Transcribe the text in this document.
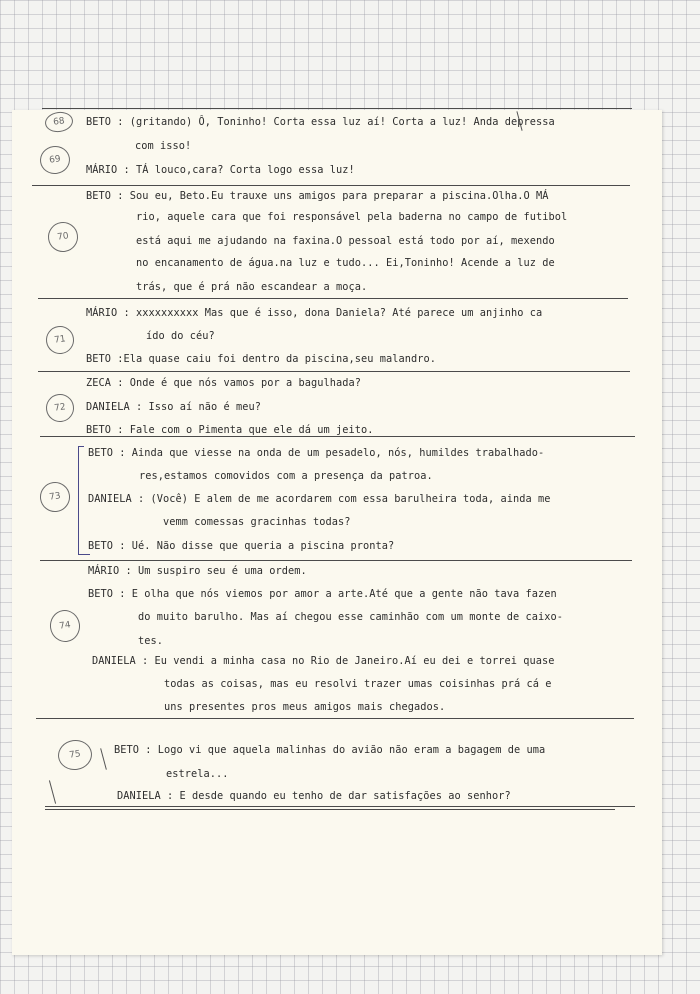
68
69
70
71
72
73
74
75
BETO : (gritando) Ô, Toninho! Corta essa luz aí! Corta a luz! Anda depressa
com isso!
MÁRIO : TÁ louco,cara? Corta logo essa luz!
BETO : Sou eu, Beto.Eu trauxe uns amigos para preparar a piscina.Olha.O MÁ
rio, aquele cara que foi responsável pela baderna no campo de futibol
está aqui me ajudando na faxina.O pessoal está todo por aí, mexendo
no encanamento de água.na luz e tudo... Ei,Toninho! Acende a luz de
trás, que é prá não escandear a moça.
MÁRIO : xxxxxxxxxx Mas que é isso, dona Daniela? Até parece um anjinho ca
ído do céu?
BETO :Ela quase caiu foi dentro da piscina,seu malandro.
ZECA : Onde é que nós vamos por a bagulhada?
DANIELA : Isso aí não é meu?
BETO : Fale com o Pimenta que ele dá um jeito.
BETO : Ainda que viesse na onda de um pesadelo, nós, humildes trabalhado-
res,estamos comovidos com a presença da patroa.
DANIELA : (Você) E alem de me acordarem com essa barulheira toda, ainda me
vemm comessas gracinhas todas?
BETO : Ué. Não disse que queria a piscina pronta?
MÁRIO : Um suspiro seu é uma ordem.
BETO : E olha que nós viemos por amor a arte.Até que a gente não tava fazen
do muito barulho. Mas aí chegou esse caminhão com um monte de caixo-
tes.
DANIELA : Eu vendi a minha casa no Rio de Janeiro.Aí eu dei e torrei quase
todas as coisas, mas eu resolvi trazer umas coisinhas prá cá e
uns presentes pros meus amigos mais chegados.
BETO : Logo vi que aquela malinhas do avião não eram a bagagem de uma
estrela...
DANIELA : E desde quando eu tenho de dar satisfações ao senhor?
